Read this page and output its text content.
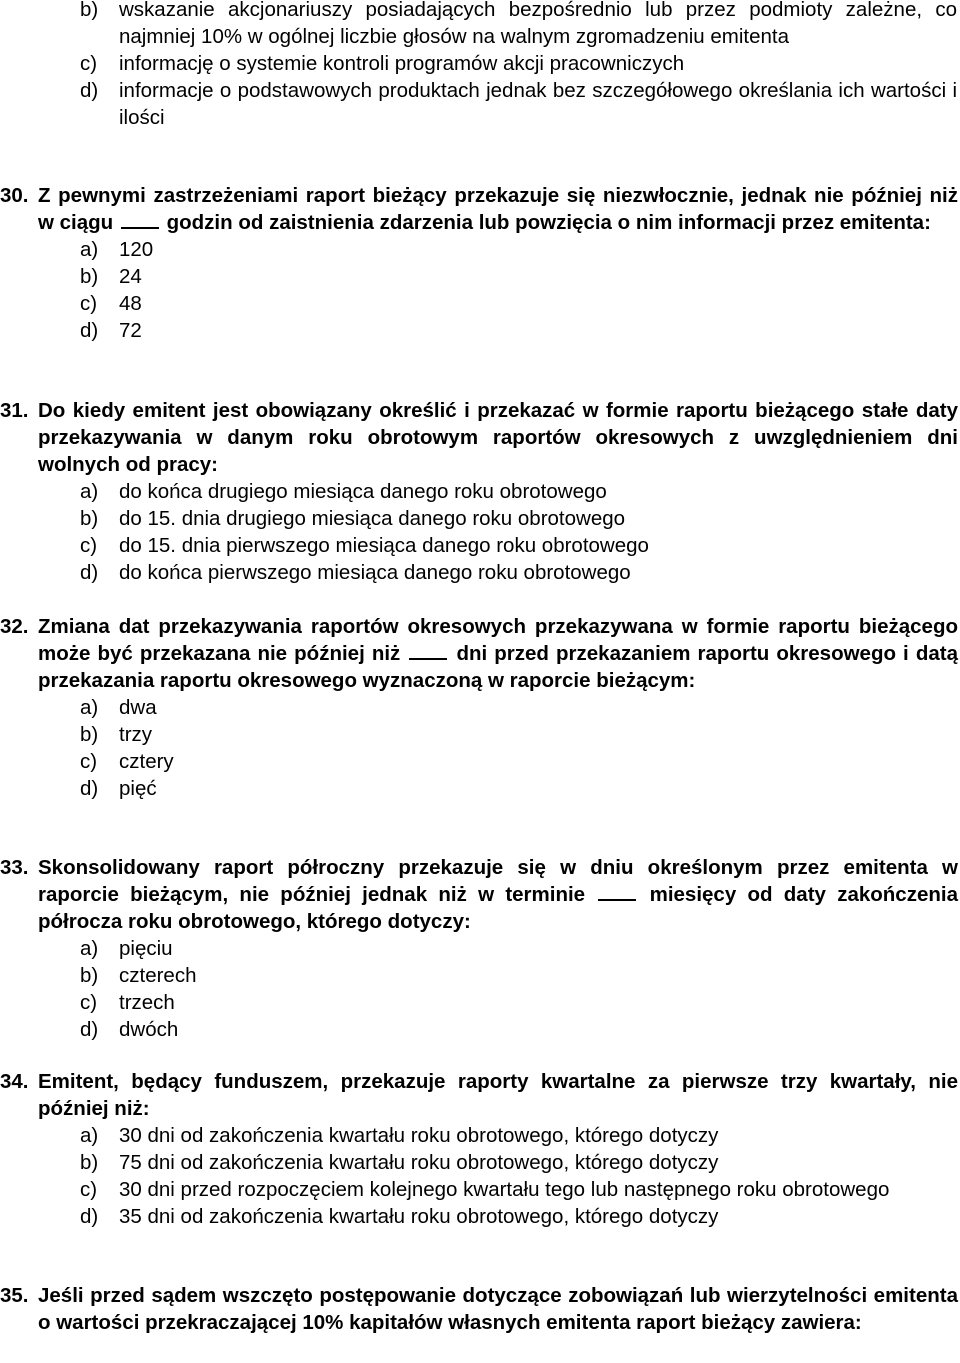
b) wskazanie akcjonariuszy posiadających bezpośrednio lub przez podmioty zależne, co najmniej 10% w ogólnej liczbie głosów na walnym zgromadzeniu emitenta
c) informację o systemie kontroli programów akcji pracowniczych
d) informacje o podstawowych produktach jednak bez szczegółowego określania ich wartości i ilości
30. Z pewnymi zastrzeżeniami raport bieżący przekazuje się niezwłocznie, jednak nie później niż w ciągu	godzin od zaistnienia zdarzenia lub powzięcia o nim informacji przez emitenta:
a) 120
b) 24
c) 48
d) 72
31. Do kiedy emitent jest obowiązany określić i przekazać w formie raportu bieżącego stałe daty przekazywania w danym roku obrotowym raportów okresowych z uwzględnieniem dni wolnych od pracy:
a) do końca drugiego miesiąca danego roku obrotowego
b) do 15. dnia drugiego miesiąca danego roku obrotowego
c) do 15. dnia pierwszego miesiąca danego roku obrotowego
d) do końca pierwszego miesiąca danego roku obrotowego
32. Zmiana dat przekazywania raportów okresowych przekazywana w formie raportu bieżącego może być przekazana nie później niż	dni przed przekazaniem raportu okresowego i datą przekazania raportu okresowego wyznaczoną w raporcie bieżącym:
a) dwa
b) trzy
c) cztery
d) pięć
33. Skonsolidowany raport półroczny przekazuje się w dniu określonym przez emitenta w raporcie bieżącym, nie później jednak niż w terminie	miesięcy od daty zakończenia półrocza roku obrotowego, którego dotyczy:
a) pięciu
b) czterech
c) trzech
d) dwóch
34. Emitent, będący funduszem, przekazuje raporty kwartalne za pierwsze trzy kwartały, nie później niż:
a) 30 dni od zakończenia kwartału roku obrotowego, którego dotyczy
b) 75 dni od zakończenia kwartału roku obrotowego, którego dotyczy
c) 30 dni przed rozpoczęciem kolejnego kwartału tego lub następnego roku obrotowego
d) 35 dni od zakończenia kwartału roku obrotowego, którego dotyczy
35. Jeśli przed sądem wszczęto postępowanie dotyczące zobowiązań lub wierzytelności emitenta o wartości przekraczającej 10% kapitałów własnych emitenta raport bieżący zawiera:
